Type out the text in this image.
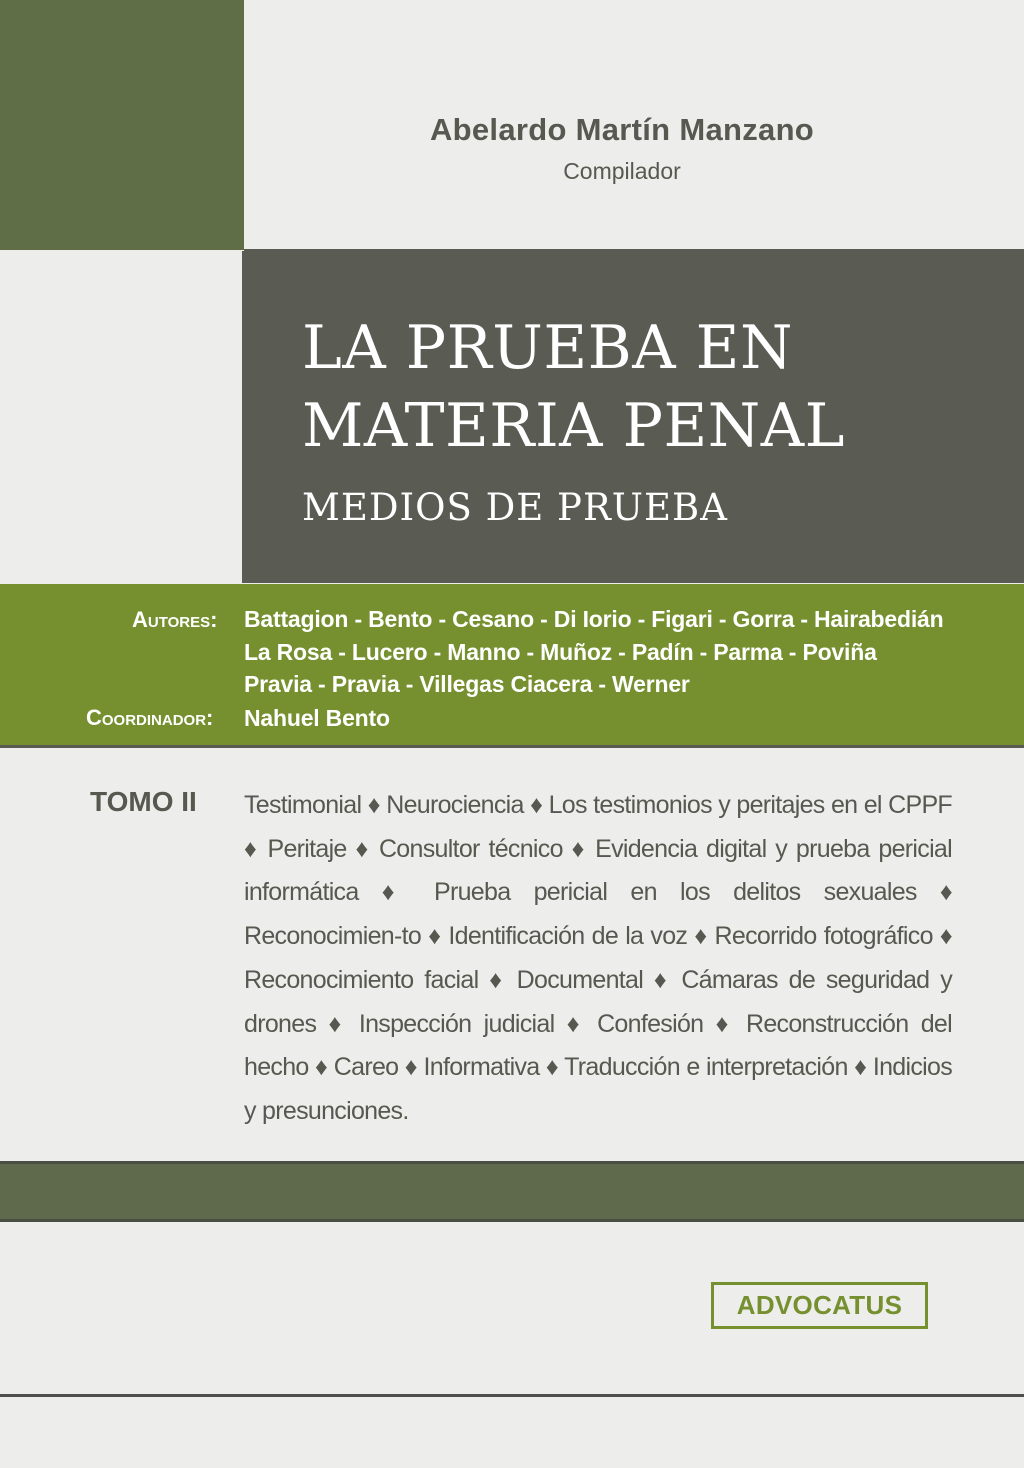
Abelardo Martín Manzano
Compilador
LA PRUEBA EN
MATERIA PENAL
MEDIOS DE PRUEBA
Autores: Battagion - Bento - Cesano - Di Iorio - Figari - Gorra - Hairabedián
La Rosa - Lucero - Manno - Muñoz - Padín - Parma - Poviña
Pravia - Pravia - Villegas Ciacera - Werner
Coordinador: Nahuel Bento
TOMO II Testimonial ♦ Neurociencia ♦ Los testimonios y peritajes en el CPPF ♦ Peritaje ♦ Consultor técnico ♦ Evidencia digital y prueba pericial informática ♦ Prueba pericial en los delitos sexuales ♦ Reconocimien-to ♦ Identificación de la voz ♦ Recorrido fotográfico ♦ Reconocimiento facial ♦ Documental ♦ Cámaras de seguridad y drones ♦ Inspección judicial ♦ Confesión ♦ Reconstrucción del hecho ♦ Careo ♦ Informativa ♦ Traducción e interpretación ♦ Indicios y presunciones.

ADVOCATUS
